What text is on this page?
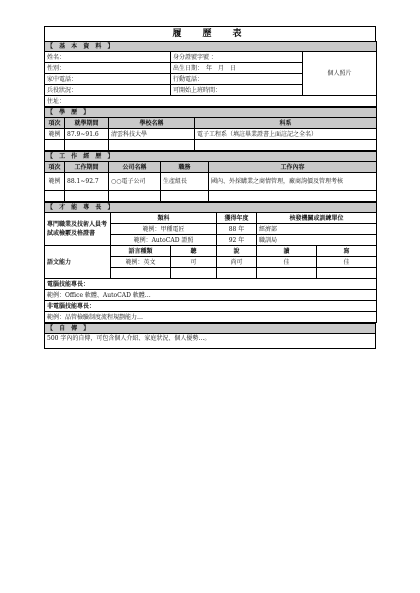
履　歷　表
【 基 本 資 料 】		
姓名：	身分證號字號 ：	個人照片
性別：	出生日期：　年　月　日	
家中電話：	行動電話：	
兵役狀況：	可開始上班時間：	
住址：		
【 學 歷 】			
項次	就學期間	學校名稱	科系
範例	87.9~91.6	清雲科技大學	電子工程系（填註畢業證書上面註記之全名）

【 工 作 經 歷 】				
項次	工作期間	公司名稱	職務	工作內容
範例	88.1~92.7	○○電子公司	生產組長	國內、外採購業之商情管理，廠商詢價及管理考核

【 才 能 專 長 】					
專門職業及技術人員考試或檢覈及格證書	類科		獲得年度	核發機關或訓練單位	
	範例：甲種電匠		88 年	經濟部	
	範例：AutoCAD 證照		92 年	職訓局	
語文能力	語言種類	聽	說	讀	寫
	範例：英文	可	尚可	佳	佳

電腦技能專長：					
範例：Office 軟體、AutoCAD 軟體…					
非電腦技能專長：					
範例：品管檢驗制度流程規劃能力…					
【 自 傳 】
500 字內的自傳，可包含個人介紹、家庭狀況、個人優勢…。
